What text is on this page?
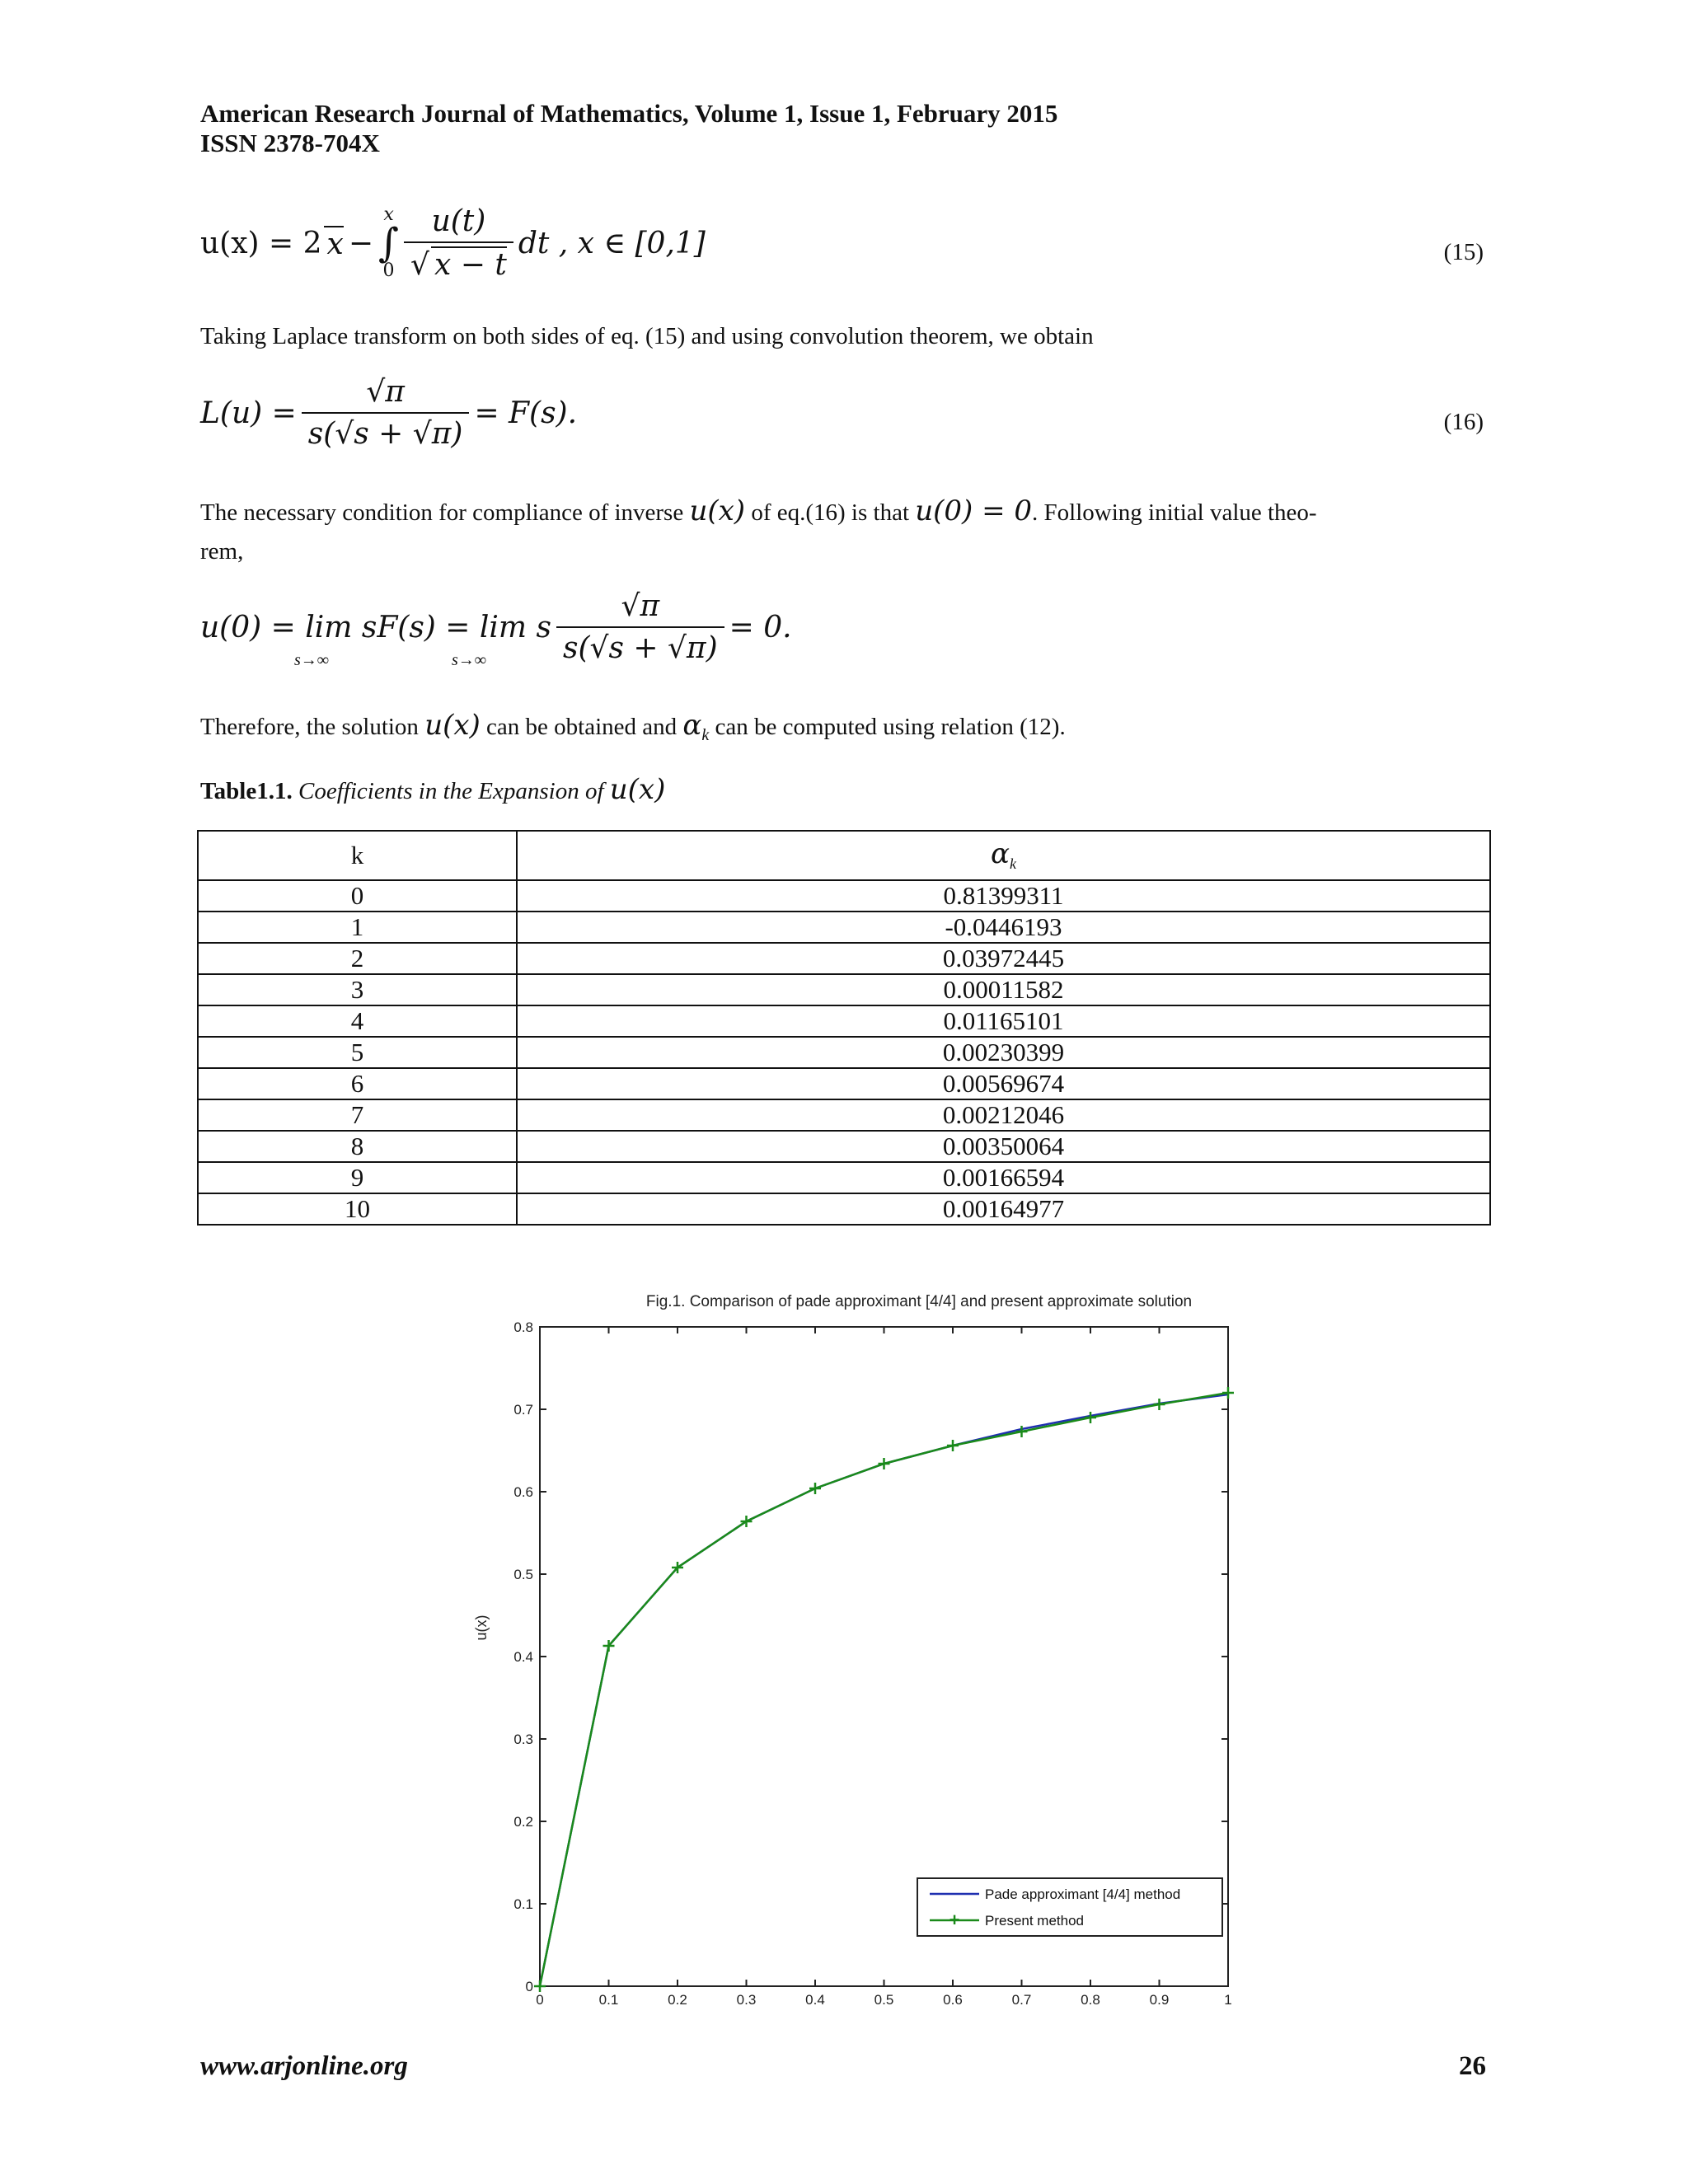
American Research Journal of Mathematics, Volume 1, Issue 1, February 2015
ISSN 2378-704X
u(x) = 2 x −
x
∫
$0 \frac{u(t)}{√ x - t}$ dt , x ∈ [0,1]	(15)
Taking Laplace transform on both sides of eq. (15) and using convolution theorem, we obtain
$L(u) = \frac{√\pi}{s(√s + √\pi)} = F(s)$.	(16)
The necessary condition for compliance of inverse u(x) of eq.(16) is that u(0) = 0. Following initial value theo-
rem,
u(0) = lim sF(s) = lim s $\frac{√\pi}{s(√s + √\pi)} = 0$.
s→∞	s→∞
Therefore, the solution u(x) can be obtained and $\alpha_k$ can be computed using relation (12).
Table1.1. Coefficients in the Expansion of u(x)
k	$\alpha_k$
0	0.81399311
1	-0.0446193
2	0.03972445
3	0.00011582
4	0.01165101
5	0.00230399
6	0.00569674
7	0.00212046
8	0.00350064
9	0.00166594
10	0.00164977
Fig.1. Comparison of pade approximant [4/4] and present approximate solution
0	0.1	0.2	0.3	0.4	0.5	0.6	0.7	0.8	0.9	1
0
0.1
0.2
0.3
0.4
0.5
0.6
0.7
0.8
u(x)
Pade approximant [4/4] method
+ Present method
www.arjonline.org	26
